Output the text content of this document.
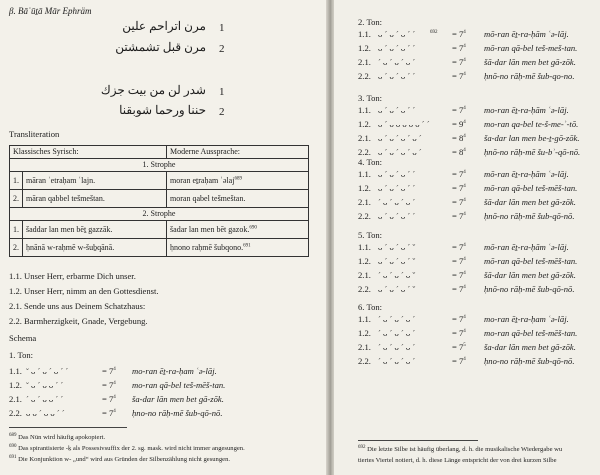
β. Bāʿūṯā Mār Ephräm
1
مرن اتراحم علين
2
مرن قبل تشمشتن
1
شدر لن من بيت جزك
2
حننا ورحما شوبقنا
Transliteration
Klassisches Syrisch:		Moderne Aussprache:
1. Strophe		
1.	māran ʾetraḥam ʿlajn.	moran eṯraḥam ʿəlaj$^{689}$
2.	māran qabbel tešmeštan.	moran qabel tešmeštan.
2. Strophe		
1.	šaddar lan men bēṯ gazzāk.	šadar lan men bēt gazok.$^{690}$
2.	ḥnānā w-raḥmē w-šuḇqānā.	ḥnono raḥmē šubqono.$^{691}$
1.1. Unser Herr, erbarme Dich unser.
1.2. Unser Herr, nimm an den Gottesdienst.
2.1. Sende uns aus Deinem Schatzhaus:
2.2. Barmherzigkeit, Gnade, Vergebung.
Schema
1. Ton:
1.1. ˘ ᴗ ˊ ᴗ ˊ ᴗ ˊ ˊ	= $7^4$ mo-ran ēṯ-ra-ḥam ʿə-lāj.
1.2. ˘ ᴗ ˊ ᴗ ᴗ ˊ ˊ	= $7^4$ mo-ran qā-bel teš-mēš-tan.
2.1. ˊ ᴗ ˊ ᴗ ᴗ ˊ ˊ	= $7^4$ ša-dar lān men bet gā-zōk.
2.2. ᴗ ᴗ ˊ ᴗ ᴗ ˊ ˊ	= $7^4$ ḥno-no rāḥ-mē šub-qō-nō.
$^{689}$ Das Nūn wird häufig apokopiert.
$^{690}$ Das spirantisierte -ḵ als Possesivsuffix der 2. sg. mask. wird nicht immer angesungen.
$^{691}$ Die Konjunktion w- „und“ wird aus Gründen der Silbenzählung nicht gesungen.
2. Ton:
1.1. ᴗ ˊ ᴗ ˊ ᴗ ˊ ˊ	$^{692} = 7^4$ mō-ran ēṯ-ra-ḥām ʿə-lāj.
1.2. ᴗ ˊ ᴗ ˊ ᴗ ˊ ˊ	= $7^4$ mō-ran qā-bel teš-meš-tan.
2.1. ˊ ᴗ ˊ ᴗ ˊ ᴗ ˊ	= $7^4$ šā-dar lān men bet gā-zōk.
2.2. ᴗ ˊ ᴗ ˊ ᴗ ˊ ˊ	= $7^4$ ḥnō-no rāḥ-mē šub-qo-no.
3. Ton:
1.1. ᴗ ˊ ᴗ ˊ ᴗ ˊ ˊ	= $7^4$ mo-ran ēṯ-ra-ḥām ʿə-lāj.
1.2. ᴗ ˊ ᴗ ᴗ ᴗ ᴗ ᴗ ˊ ˊ	= $9^4$ mo-ran qa-bel te-š-me-ʾ-tō.
2.1. ᴗ ˊ ᴗ ˊ ᴗ ˊ ᴗ ˊ	= $8^4$ ša-dar lan men be-ṯ-gō-zōk.
2.2. ᴗ ˊ ᴗ ˊ ᴗ ˊ ᴗ ˊ	= $8^4$ ḥnō-no rāḥ-mē šu-bʾ-qō-nō.
4. Ton:
1.1. ᴗ ˊ ᴗ ˊ ᴗ ˊ ˊ	= $7^4$ mō-ran ēṯ-ra-ḥām ʿə-lāj.
1.2. ᴗ ˊ ᴗ ˊ ᴗ ˊ ˊ	= $7^4$ mō-ran qā-bel teš-mēš-tan.
2.1. ˊ ᴗ ˊ ᴗ ˊ ᴗ ˊ	= $7^4$ šā-dar lān men bet gā-zōk.
2.2. ᴗ ˊ ᴗ ˊ ᴗ ˊ ˊ	= $7^4$ ḥnō-no rāḥ-mē šub-qō-nō.
5. Ton:
1.1. ᴗ ˊ ᴗ ˊ ᴗ ˊ ˇ	= $7^4$ mō-ran ēṯ-ra-ḥām ʿə-lāj.
1.2. ᴗ ˊ ᴗ ˊ ᴗ ˊ ˇ	= $7^4$ mō-ran qā-bel teš-mēš-tan.
2.1. ˊ ᴗ ˊ ᴗ ˊ ᴗ ˇ	= $7^4$ šā-dar lān men bet gā-zōk.
2.2. ᴗ ˊ ᴗ ˊ ᴗ ˊ ˇ	= $7^4$ ḥnō-no rāḥ-mē šub-qō-nō.
6. Ton:
1.1. ˊ ᴗ ˊ ᴗ ˊ ᴗ ˊ	= $7^4$ mo-ran ēṯ-ra-ḥam ʿə-lāj.
1.2. ˊ ᴗ ˊ ᴗ ˊ ᴗ ˊ	= $7^4$ mo-ran qā-bel teš-mēš-tan.
2.1. ˊ ᴗ ˊ ᴗ ˊ ᴗ ˊ	= $7^5$ ša-dar lān men bet gā-zōk.
2.2. ˊ ᴗ ˊ ᴗ ˊ ᴗ ˊ	= $7^4$ ḥno-no rāḥ-mē šub-qō-nō.
$^{692}$ Die letzte Silbe ist häufig überlang, d. h. die musikalische Wiedergabe wu
tiertes Viertel notiert, d. h. diese Länge entspricht der von drei kurzen Silbe
